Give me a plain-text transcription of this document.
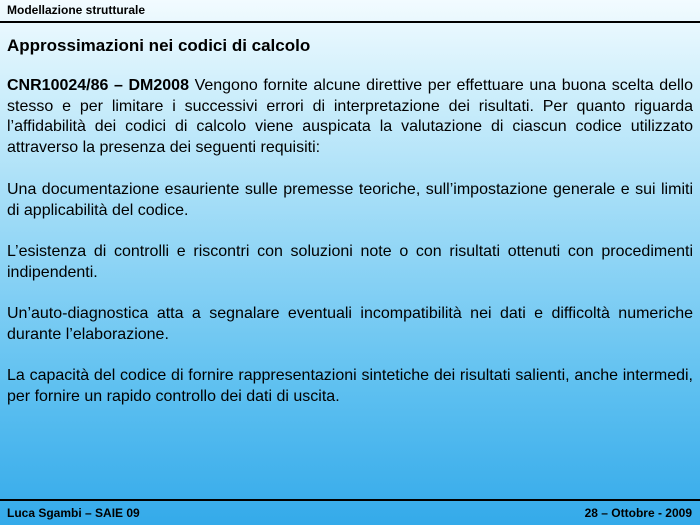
Modellazione strutturale
Approssimazioni nei codici di calcolo

CNR10024/86 – DM2008 Vengono fornite alcune direttive per effettuare una buona scelta dello stesso e per limitare i successivi errori di interpretazione dei risultati. Per quanto riguarda l’affidabilità dei codici di calcolo viene auspicata la valutazione di ciascun codice utilizzato attraverso la presenza dei seguenti requisiti:

Una documentazione esauriente sulle premesse teoriche, sull’impostazione generale e sui limiti di applicabilità del codice.

L’esistenza di controlli e riscontri con soluzioni note o con risultati ottenuti con procedimenti indipendenti.

Un’auto-diagnostica atta a segnalare eventuali incompatibilità nei dati e difficoltà numeriche durante l’elaborazione.

La capacità del codice di fornire rappresentazioni sintetiche dei risultati salienti, anche intermedi, per fornire un rapido controllo dei dati di uscita.

Luca Sgambi – SAIE 09	28 – Ottobre - 2009
